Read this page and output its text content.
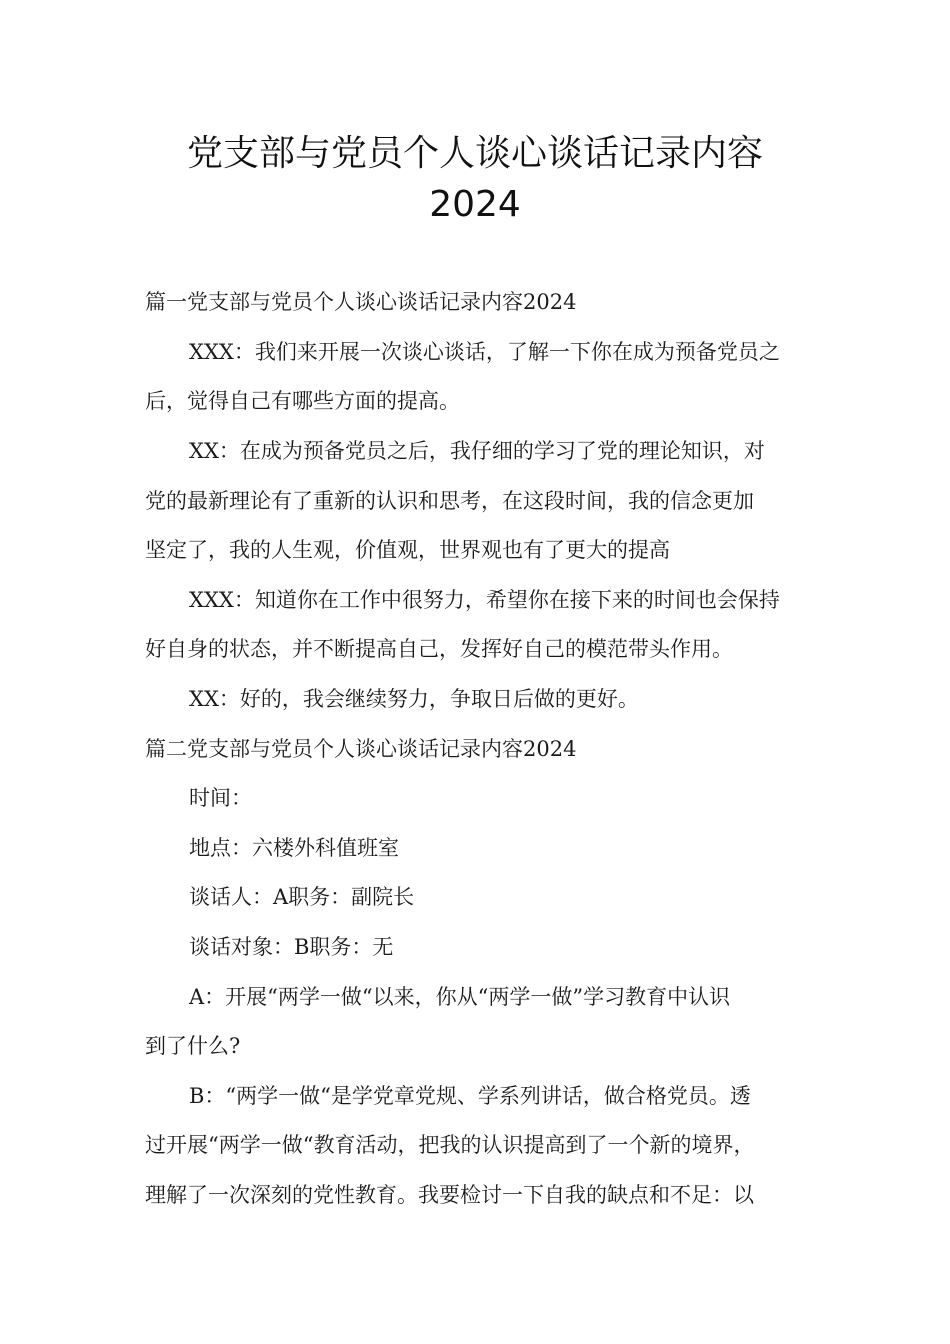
党支部与党员个人谈心谈话记录内容
2024
篇一党支部与党员个人谈心谈话记录内容2024
XXX：我们来开展一次谈心谈话，了解一下你在成为预备党员之
后，觉得自己有哪些方面的提高。
XX：在成为预备党员之后，我仔细的学习了党的理论知识，对
党的最新理论有了重新的认识和思考，在这段时间，我的信念更加
坚定了，我的人生观，价值观，世界观也有了更大的提高
XXX：知道你在工作中很努力，希望你在接下来的时间也会保持
好自身的状态，并不断提高自己，发挥好自己的模范带头作用。
XX：好的，我会继续努力，争取日后做的更好。
篇二党支部与党员个人谈心谈话记录内容2024
时间：
地点：六楼外科值班室
谈话人：A职务：副院长
谈话对象：B职务：无
A：开展“两学一做“以来，你从“两学一做”学习教育中认识
到了什么?
B：“两学一做“是学党章党规、学系列讲话，做合格党员。透
过开展“两学一做“教育活动，把我的认识提高到了一个新的境界，
理解了一次深刻的党性教育。我要检讨一下自我的缺点和不足：以
